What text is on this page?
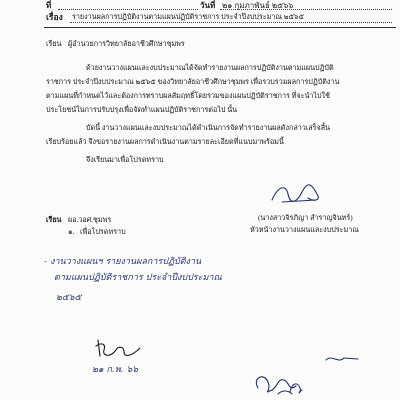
ที่	วันที่ ๒๑ กุมภาพันธ์ ๒๕๖๖
เรื่อง รายงานผลการปฏิบัติงานตามแผนปฏิบัติราชการ ประจำปีงบประมาณ ๒๕๖๕
เรียน ผู้อำนวยการวิทยาลัยอาชีวศึกษาชุมพร
ด้วยงานวางแผนและงบประมาณได้จัดทำรายงานผลการปฏิบัติงานตามแผนปฏิบัติ
ราชการ ประจำปีงบประมาณ ๒๕๖๕ ของวิทยาลัยอาชีวศึกษาชุมพร เพื่อรวบรวมผลการปฏิบัติงาน
ตามแผนที่กำหนดไว้และต้องการทราบผลสัมฤทธิ์โดยรวมของแผนปฏิบัติราชการ ที่จะนำไปใช้
ประโยชน์ในการปรับปรุงเพื่อจัดทำแผนปฏิบัติราชการต่อไป นั้น
บัดนี้ งานวางแผนและงบประมาณได้ดำเนินการจัดทำรายงานผลดังกล่าวเสร็จสิ้น
เรียบร้อยแล้ว จึงขอรายงานผลการดำเนินงานตามรายละเอียดที่แนบมาพร้อมนี้
จึงเรียนมาเพื่อโปรดทราบ
(นางสาวจิรภิญา สำราญจินทร์)
หัวหน้างานวางแผนและงบประมาณ
เรียน ผอ.วอศ.ชุมพร
๑. เพื่อโปรดทราบ
- งานวางแผนฯ รายงานผลการปฏิบัติงาน
ตามแผนปฏิบัติราชการ ประจำปีงบประมาณ
๒๕๖๕
๒๑ ก.พ. ๖๖
